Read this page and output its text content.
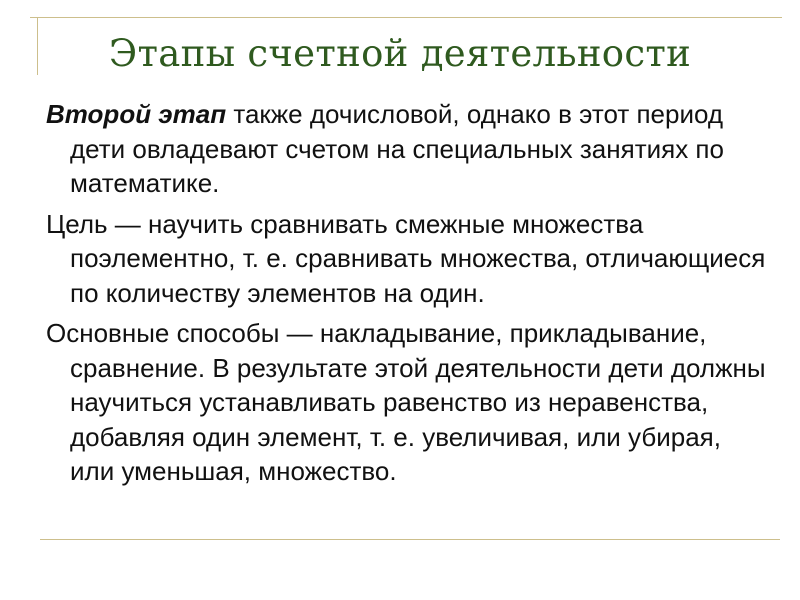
Этапы счетной деятельности

Второй этап также дочисловой, однако в этот период дети овладевают счетом на специальных занятиях по математике.

Цель — научить сравнивать смежные множества поэлементно, т. е. сравнивать множества, отличающиеся по количеству элементов на один.

Основные способы — накладывание, прикладывание, сравнение. В результате этой деятельности дети должны научиться устанавливать равенство из неравенства, добавляя один элемент, т. е. увеличивая, или убирая, или уменьшая, множество.
